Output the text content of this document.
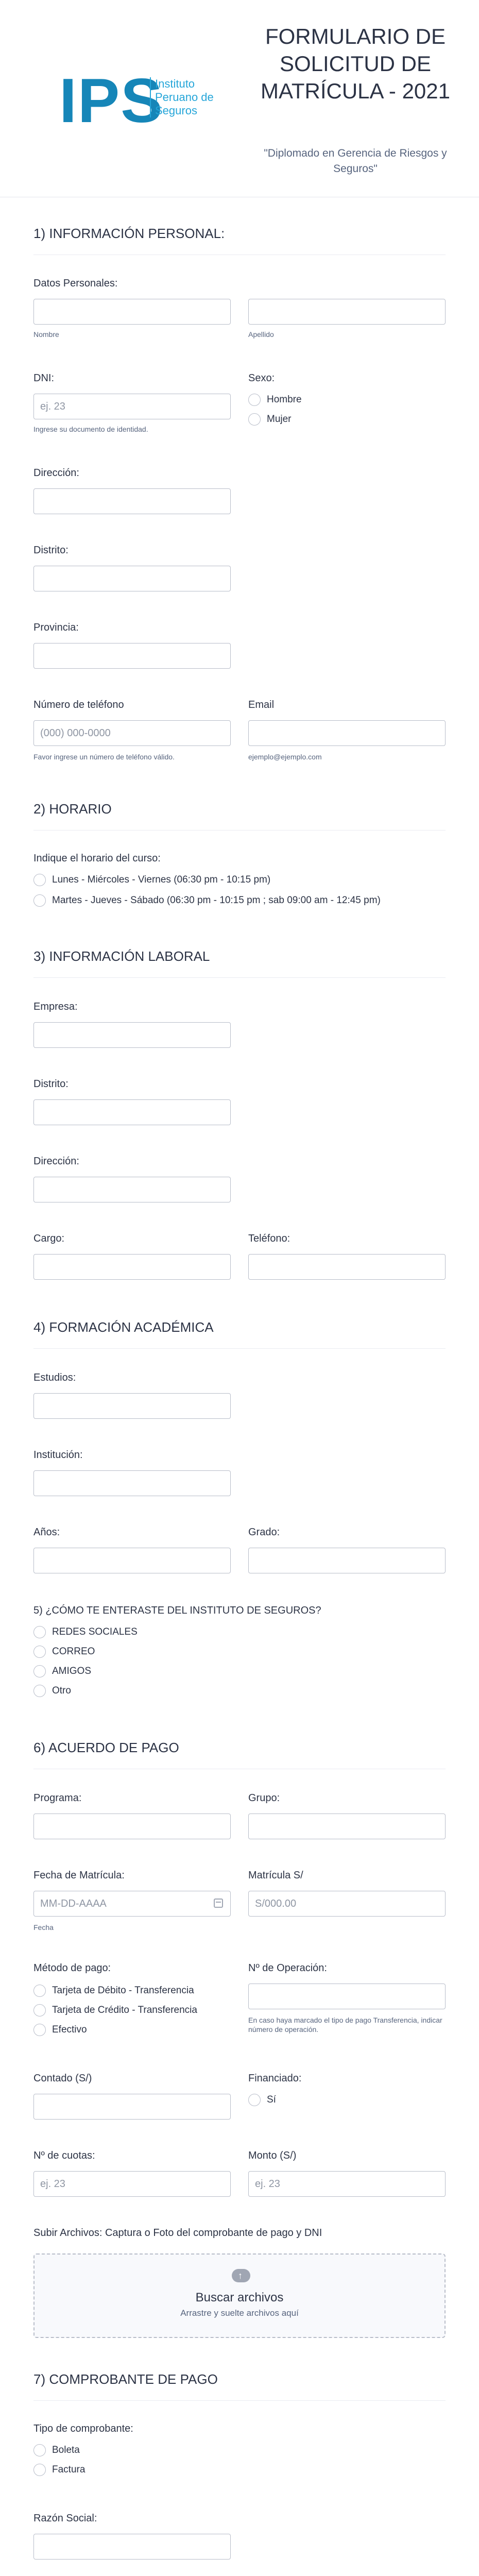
IPS
Instituto Peruano de Seguros
FORMULARIO DE SOLICITUD DE MATRÍCULA - 2021
"Diplomado en Gerencia de Riesgos y Seguros"
1) INFORMACIÓN PERSONAL:
Datos Personales:
Nombre	Apellido
DNI:
ej. 23
Ingrese su documento de identidad.
Sexo:
Hombre
Mujer
Dirección:
Distrito:
Provincia:
Número de teléfono
(000) 000-0000
Favor ingrese un número de teléfono válido.
Email
ejemplo@ejemplo.com
2) HORARIO
Indique el horario del curso:
Lunes - Miércoles - Viernes (06:30 pm - 10:15 pm)
Martes - Jueves - Sábado (06:30 pm - 10:15 pm ; sab 09:00 am - 12:45 pm)
3) INFORMACIÓN LABORAL
Empresa:
Distrito:
Dirección:
Cargo:	Teléfono:
4) FORMACIÓN ACADÉMICA
Estudios:
Institución:
Años:	Grado:
5) ¿CÓMO TE ENTERASTE DEL INSTITUTO DE SEGUROS?
REDES SOCIALES
CORREO
AMIGOS
Otro
6) ACUERDO DE PAGO
Programa:	Grupo:
Fecha de Matrícula:
MM-DD-AAAA
Fecha
Matrícula S/
S/000.00
Método de pago:
Tarjeta de Débito - Transferencia
Tarjeta de Crédito - Transferencia
Efectivo
Nº de Operación:
En caso haya marcado el tipo de pago Transferencia, indicar número de operación.
Contado (S/)	Financiado:
Sí
Nº de cuotas:
ej. 23
Monto (S/)
ej. 23
Subir Archivos: Captura o Foto del comprobante de pago y DNI
↑
Buscar archivos
Arrastre y suelte archivos aquí
7) COMPROBANTE DE PAGO
Tipo de comprobante:
Boleta
Factura
Razón Social:
